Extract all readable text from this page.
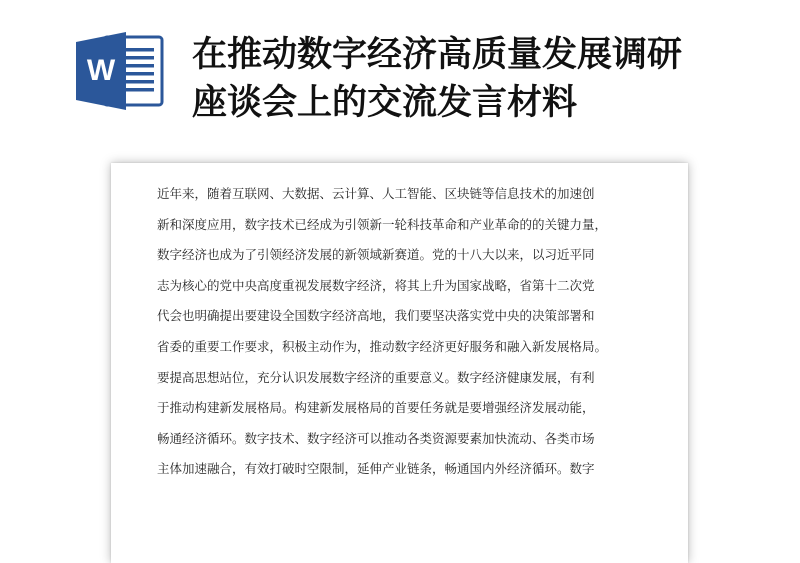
W 在推动数字经济高质量发展调研
座谈会上的交流发言材料
近年来，随着互联网、大数据、云计算、人工智能、区块链等信息技术的加速创
新和深度应用，数字技术已经成为引领新一轮科技革命和产业革命的的关键力量，
数字经济也成为了引领经济发展的新领域新赛道。党的十八大以来，以习近平同
志为核心的党中央高度重视发展数字经济，将其上升为国家战略，省第十二次党
代会也明确提出要建设全国数字经济高地，我们要坚决落实党中央的决策部署和
省委的重要工作要求，积极主动作为，推动数字经济更好服务和融入新发展格局。
要提高思想站位，充分认识发展数字经济的重要意义。数字经济健康发展，有利
于推动构建新发展格局。构建新发展格局的首要任务就是要增强经济发展动能，
畅通经济循环。数字技术、数字经济可以推动各类资源要素加快流动、各类市场
主体加速融合，有效打破时空限制，延伸产业链条，畅通国内外经济循环。数字
